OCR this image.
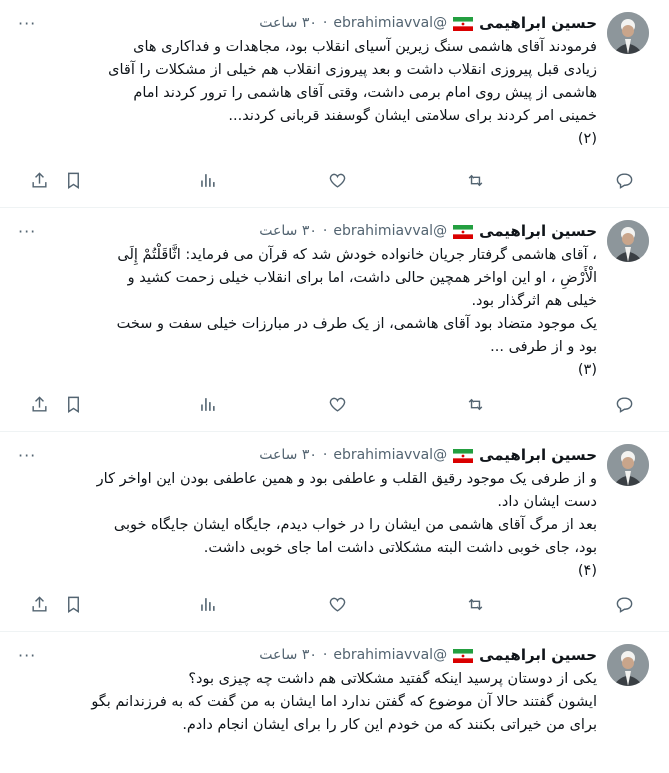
···	حسین ابراهیمی
@ebrahimiavval
·
۳۰ ساعت
فرمودند آقای هاشمی سنگ زیرین آسیای انقلاب بود، مجاهدات و فداکاری های
زیادی قبل پیروزی انقلاب داشت و بعد پیروزی انقلاب هم خیلی از مشکلات را آقای
هاشمی از پیش روی امام برمی داشت، وقتی آقای هاشمی را ترور کردند امام
خمینی امر کردند برای سلامتی ایشان گوسفند قربانی کردند...
(۲)
···	حسین ابراهیمی
@ebrahimiavval
·
۳۰ ساعت
، آقای هاشمی گرفتار جریان خانواده خودش شد که قرآن می فرماید: اثَّاقَلْتُمْ إِلَی
الْأَرْضِ ، او این اواخر همچین حالی داشت، اما برای انقلاب خیلی زحمت کشید و
خیلی هم اثرگذار بود.
یک موجود متضاد بود آقای هاشمی، از یک طرف در مبارزات خیلی سفت و سخت
بود و از طرفی ...
(۳)
···	حسین ابراهیمی
@ebrahimiavval
·
۳۰ ساعت
و از طرفی یک موجود رقیق القلب و عاطفی بود و همین عاطفی بودن این اواخر کار
دست ایشان داد.
بعد از مرگ آقای هاشمی من ایشان را در خواب دیدم، جایگاه ایشان جایگاه خوبی
بود، جای خوبی داشت البته مشکلاتی داشت اما جای خوبی داشت.
(۴)
···	حسین ابراهیمی
@ebrahimiavval
·
۳۰ ساعت
یکی از دوستان پرسید اینکه گفتید مشکلاتی هم داشت چه چیزی بود؟
ایشون گفتند حالا آن موضوع که گفتن ندارد اما ایشان به من گفت که به فرزندانم بگو
برای من خیراتی بکنند که من خودم این کار را برای ایشان انجام دادم.
